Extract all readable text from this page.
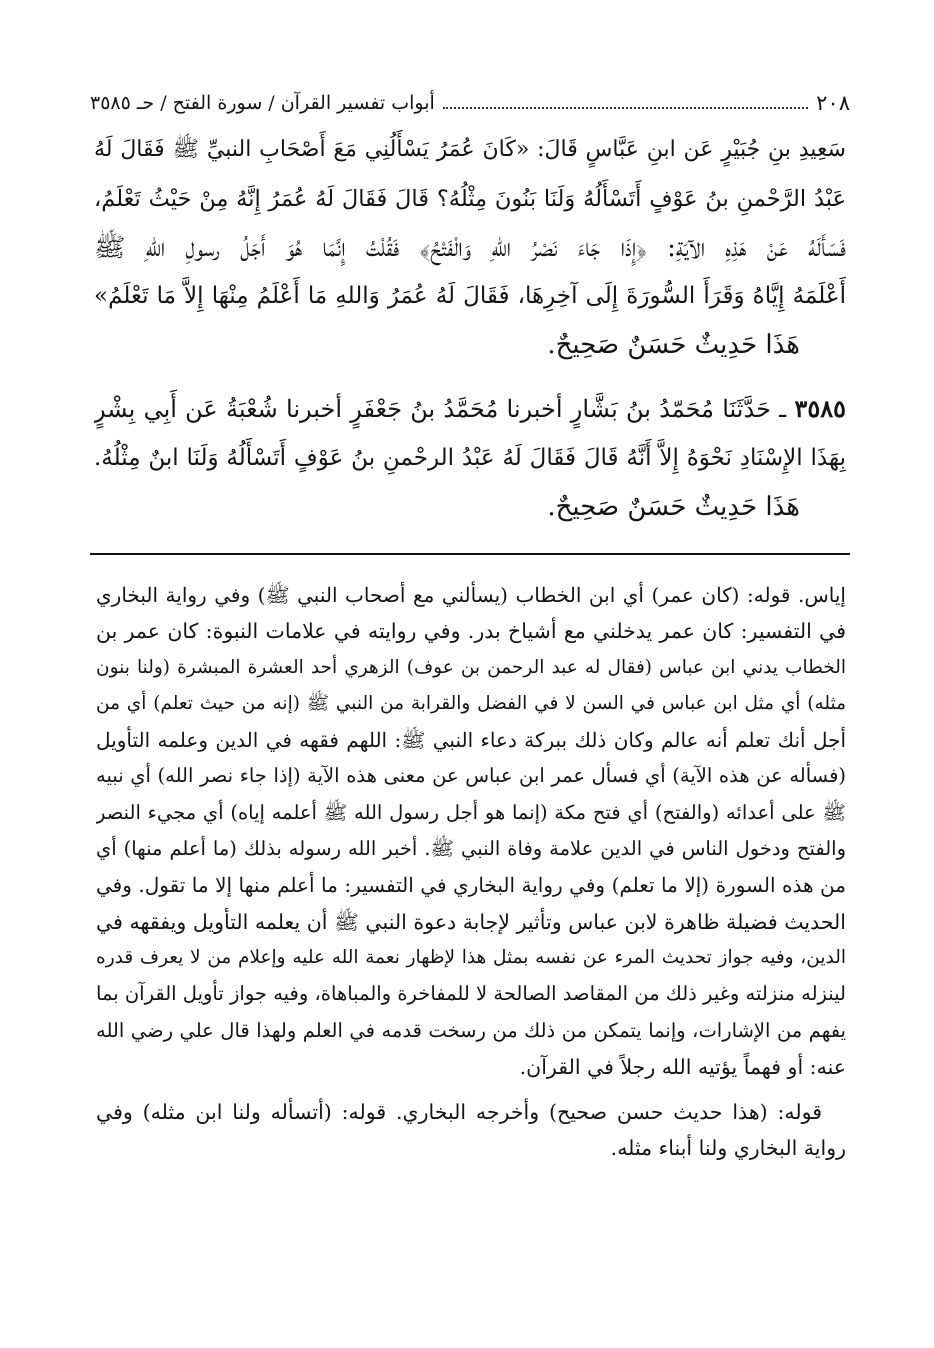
٢٠٨
أبواب تفسير القرآن / سورة الفتح / حـ ٣٥٨٥

سَعِيدِ بنِ جُبَيْرٍ عَن ابنِ عَبَّاسٍ قَالَ: «كَانَ عُمَرُ يَسْأَلُنِي مَعَ أَصْحَابِ النبيِّ ﷺ فَقَالَ لَهُ
عَبْدُ الرَّحْمنِ بنُ عَوْفٍ أَتَسْأَلُهُ وَلَنَا بَنُونَ مِثْلُهُ؟ قَالَ فَقَالَ لَهُ عُمَرُ إِنَّهُ مِنْ حَيْثُ تَعْلَمُ،
فَسَأَلَهُ عَنْ هَذِهِ الآيَةِ: ﴿إِذَا جَاءَ نَصْرُ اللهِ وَالْفَتْحُ﴾ فَقُلْتُ إِنَّمَا هُوَ أَجَلُ رسولِ اللهِ ﷺ
أَعْلَمَهُ إِيَّاهُ وَقَرَأَ السُّورَةَ إِلَى آخِرِهَا، فَقَالَ لَهُ عُمَرُ وَاللهِ مَا أَعْلَمُ مِنْهَا إِلاَّ مَا تَعْلَمُ»
هَذَا حَدِيثٌ حَسَنٌ صَحِيحٌ.

٣٥٨٥ ـ حَدَّثَنَا مُحَمّدُ بنُ بَشَّارٍ أخبرنا مُحَمَّدُ بنُ جَعْفَرٍ أخبرنا شُعْبَةُ عَن أَبِي بِشْرٍ
بِهَذَا الإِسْنَادِ نَحْوَهُ إِلاَّ أَنَّهُ قَالَ فَقَالَ لَهُ عَبْدُ الرحْمنِ بنُ عَوْفٍ أَتَسْأَلُهُ وَلَنَا ابنٌ مِثْلُهُ.
هَذَا حَدِيثٌ حَسَنٌ صَحِيحٌ.

إياس. قوله: (كان عمر) أي ابن الخطاب (يسألني مع أصحاب النبي ﷺ) وفي رواية البخاري
في التفسير: كان عمر يدخلني مع أشياخ بدر. وفي روايته في علامات النبوة: كان عمر بن
الخطاب يدني ابن عباس (فقال له عبد الرحمن بن عوف) الزهري أحد العشرة المبشرة (ولنا بنون
مثله) أي مثل ابن عباس في السن لا في الفضل والقرابة من النبي ﷺ (إنه من حيث تعلم) أي من
أجل أنك تعلم أنه عالم وكان ذلك ببركة دعاء النبي ﷺ: اللهم فقهه في الدين وعلمه التأويل
(فسأله عن هذه الآية) أي فسأل عمر ابن عباس عن معنى هذه الآية (إذا جاء نصر الله) أي نبيه
ﷺ على أعدائه (والفتح) أي فتح مكة (إنما هو أجل رسول الله ﷺ أعلمه إياه) أي مجيء النصر
والفتح ودخول الناس في الدين علامة وفاة النبي ﷺ. أخبر الله رسوله بذلك (ما أعلم منها) أي
من هذه السورة (إلا ما تعلم) وفي رواية البخاري في التفسير: ما أعلم منها إلا ما تقول. وفي
الحديث فضيلة ظاهرة لابن عباس وتأثير لإجابة دعوة النبي ﷺ أن يعلمه التأويل ويفقهه في
الدين، وفيه جواز تحديث المرء عن نفسه بمثل هذا لإظهار نعمة الله عليه وإعلام من لا يعرف قدره
لينزله منزلته وغير ذلك من المقاصد الصالحة لا للمفاخرة والمباهاة، وفيه جواز تأويل القرآن بما
يفهم من الإشارات، وإنما يتمكن من ذلك من رسخت قدمه في العلم ولهذا قال علي رضي الله
عنه: أو فهماً يؤتيه الله رجلاً في القرآن.

قوله: (هذا حديث حسن صحيح) وأخرجه البخاري. قوله: (أتسأله ولنا ابن مثله) وفي
رواية البخاري ولنا أبناء مثله.
